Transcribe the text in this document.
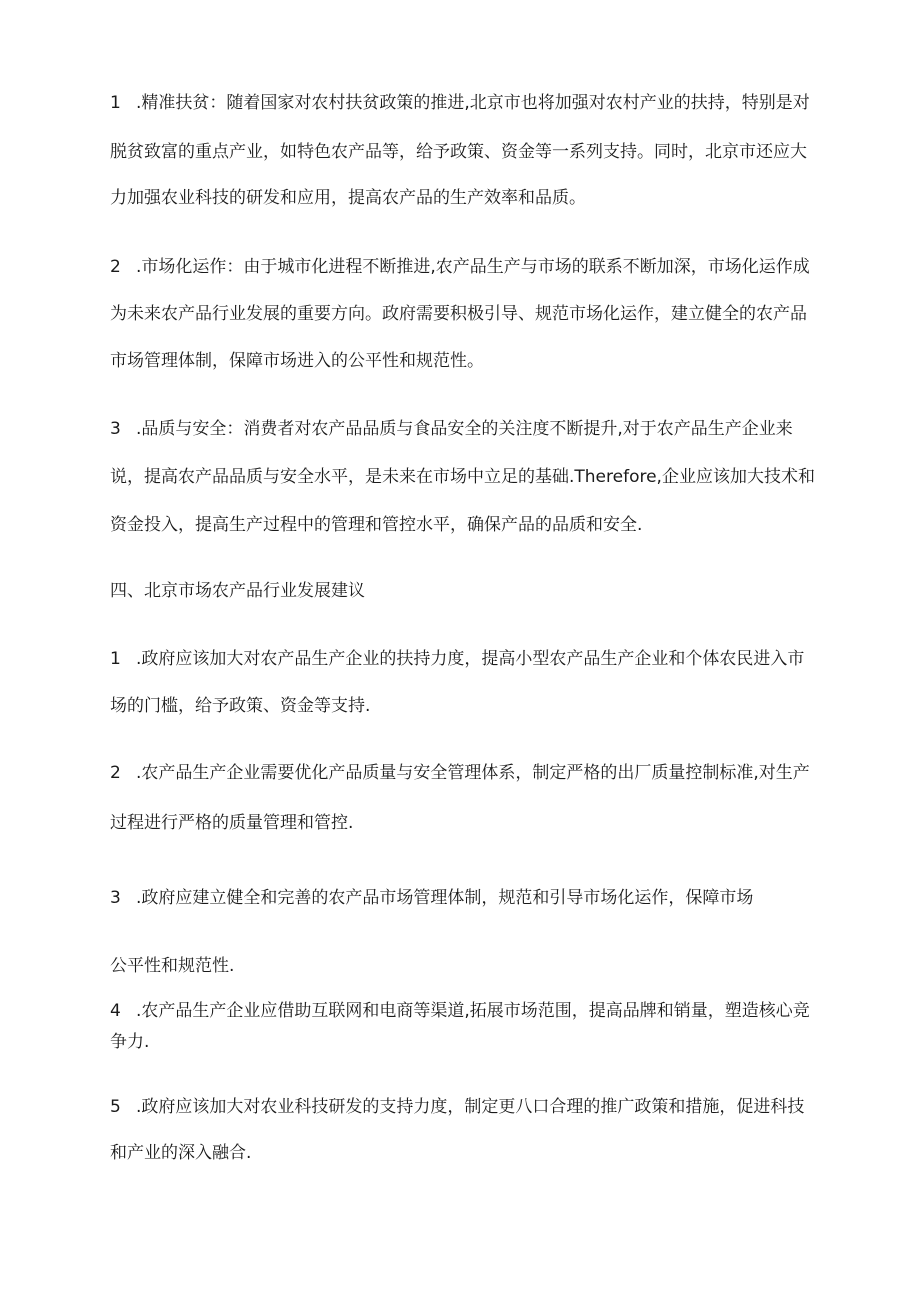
1 .精准扶贫：随着国家对农村扶贫政策的推进,北京市也将加强对农村产业的扶持，特别是对
脱贫致富的重点产业，如特色农产品等，给予政策、资金等一系列支持。同时，北京市还应大
力加强农业科技的研发和应用，提高农产品的生产效率和品质。
2 .市场化运作：由于城市化进程不断推进,农产品生产与市场的联系不断加深，市场化运作成
为未来农产品行业发展的重要方向。政府需要积极引导、规范市场化运作，建立健全的农产品
市场管理体制，保障市场进入的公平性和规范性。
3 .品质与安全：消费者对农产品品质与食品安全的关注度不断提升,对于农产品生产企业来
说，提高农产品品质与安全水平，是未来在市场中立足的基础.Therefore,企业应该加大技术和
资金投入，提高生产过程中的管理和管控水平，确保产品的品质和安全.
四、北京市场农产品行业发展建议
1 .政府应该加大对农产品生产企业的扶持力度，提高小型农产品生产企业和个体农民进入市
场的门槛，给予政策、资金等支持.
2 .农产品生产企业需要优化产品质量与安全管理体系，制定严格的出厂质量控制标准,对生产
过程进行严格的质量管理和管控.
3 .政府应建立健全和完善的农产品市场管理体制，规范和引导市场化运作，保障市场
公平性和规范性.
4 .农产品生产企业应借助互联网和电商等渠道,拓展市场范围，提高品牌和销量，塑造核心竞
争力.
5 .政府应该加大对农业科技研发的支持力度，制定更八口合理的推广政策和措施，促进科技
和产业的深入融合.
